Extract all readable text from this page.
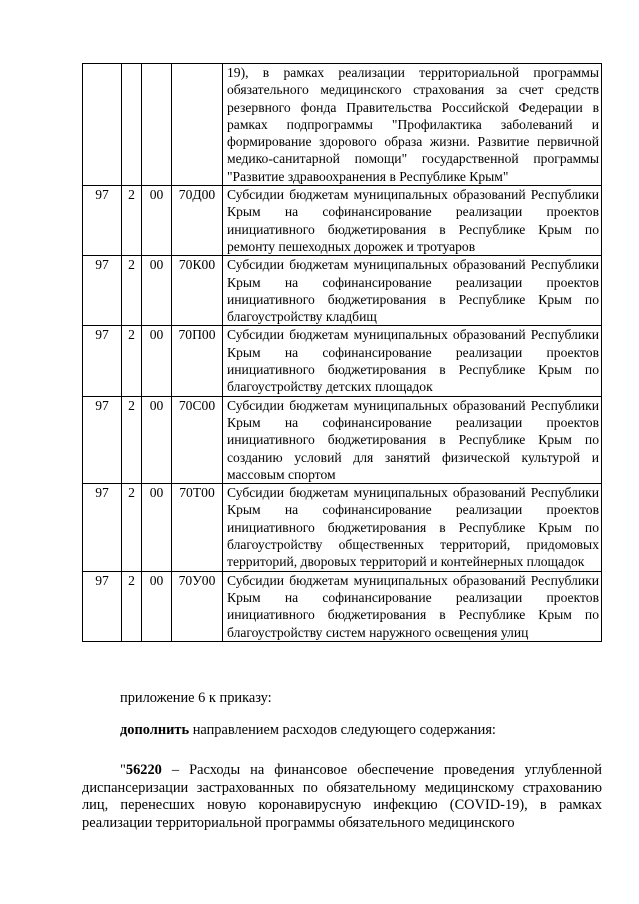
				19), в рамках реализации территориальной программы обязательного медицинского страхования за счет средств резервного фонда Правительства Российской Федерации в рамках подпрограммы "Профилактика заболеваний и формирование здорового образа жизни. Развитие первичной медико-санитарной помощи" государственной программы "Развитие здравоохранения в Республике Крым"
97	2	00	70Д00	Субсидии бюджетам муниципальных образований Республики Крым на софинансирование реализации проектов инициативного бюджетирования в Республике Крым по ремонту пешеходных дорожек и тротуаров
97	2	00	70К00	Субсидии бюджетам муниципальных образований Республики Крым на софинансирование реализации проектов инициативного бюджетирования в Республике Крым по благоустройству кладбищ
97	2	00	70П00	Субсидии бюджетам муниципальных образований Республики Крым на софинансирование реализации проектов инициативного бюджетирования в Республике Крым по благоустройству детских площадок
97	2	00	70С00	Субсидии бюджетам муниципальных образований Республики Крым на софинансирование реализации проектов инициативного бюджетирования в Республике Крым по созданию условий для занятий физической культурой и массовым спортом
97	2	00	70Т00	Субсидии бюджетам муниципальных образований Республики Крым на софинансирование реализации проектов инициативного бюджетирования в Республике Крым по благоустройству общественных территорий, придомовых территорий, дворовых территорий и контейнерных площадок
97	2	00	70У00	Субсидии бюджетам муниципальных образований Республики Крым на софинансирование реализации проектов инициативного бюджетирования в Республике Крым по благоустройству систем наружного освещения улиц

приложение 6 к приказу:

дополнить направлением расходов следующего содержания:

"56220 – Расходы на финансовое обеспечение проведения углубленной диспансеризации застрахованных по обязательному медицинскому страхованию лиц, перенесших новую коронавирусную инфекцию (COVID-19), в рамках реализации территориальной программы обязательного медицинского
